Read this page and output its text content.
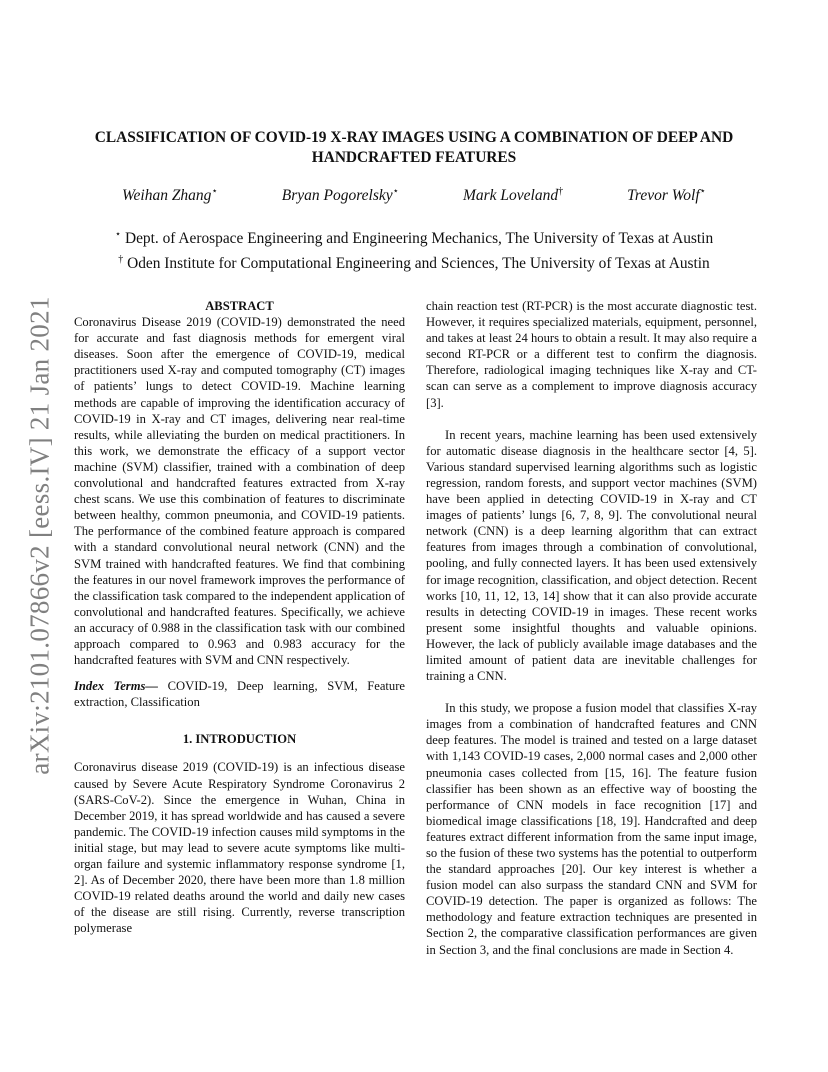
arXiv:2101.07866v2 [eess.IV] 21 Jan 2021
CLASSIFICATION OF COVID-19 X-RAY IMAGES USING A COMBINATION OF DEEP AND HANDCRAFTED FEATURES
Weihan Zhang⋆	Bryan Pogorelsky⋆	Mark Loveland†	Trevor Wolf⋆
⋆ Dept. of Aerospace Engineering and Engineering Mechanics, The University of Texas at Austin
† Oden Institute for Computational Engineering and Sciences, The University of Texas at Austin

ABSTRACT

Coronavirus Disease 2019 (COVID-19) demonstrated the need for accurate and fast diagnosis methods for emergent viral diseases. Soon after the emergence of COVID-19, medical practitioners used X-ray and computed tomography (CT) images of patients’ lungs to detect COVID-19. Machine learning methods are capable of improving the identification accuracy of COVID-19 in X-ray and CT images, delivering near real-time results, while alleviating the burden on medical practitioners. In this work, we demonstrate the efficacy of a support vector machine (SVM) classifier, trained with a combination of deep convolutional and handcrafted features extracted from X-ray chest scans. We use this combination of features to discriminate between healthy, common pneumonia, and COVID-19 patients. The performance of the combined feature approach is compared with a standard convolutional neural network (CNN) and the SVM trained with handcrafted features. We find that combining the features in our novel framework improves the performance of the classification task compared to the independent application of convolutional and handcrafted features. Specifically, we achieve an accuracy of 0.988 in the classification task with our combined approach compared to 0.963 and 0.983 accuracy for the handcrafted features with SVM and CNN respectively.

Index Terms— COVID-19, Deep learning, SVM, Feature extraction, Classification

1. INTRODUCTION

Coronavirus disease 2019 (COVID-19) is an infectious disease caused by Severe Acute Respiratory Syndrome Coronavirus 2 (SARS-CoV-2). Since the emergence in Wuhan, China in December 2019, it has spread worldwide and has caused a severe pandemic. The COVID-19 infection causes mild symptoms in the initial stage, but may lead to severe acute symptoms like multi-organ failure and systemic inflammatory response syndrome [1, 2]. As of December 2020, there have been more than 1.8 million COVID-19 related deaths around the world and daily new cases of the disease are still rising. Currently, reverse transcription polymerase

chain reaction test (RT-PCR) is the most accurate diagnostic test. However, it requires specialized materials, equipment, personnel, and takes at least 24 hours to obtain a result. It may also require a second RT-PCR or a different test to confirm the diagnosis. Therefore, radiological imaging techniques like X-ray and CT-scan can serve as a complement to improve diagnosis accuracy [3].

In recent years, machine learning has been used extensively for automatic disease diagnosis in the healthcare sector [4, 5]. Various standard supervised learning algorithms such as logistic regression, random forests, and support vector machines (SVM) have been applied in detecting COVID-19 in X-ray and CT images of patients’ lungs [6, 7, 8, 9]. The convolutional neural network (CNN) is a deep learning algorithm that can extract features from images through a combination of convolutional, pooling, and fully connected layers. It has been used extensively for image recognition, classification, and object detection. Recent works [10, 11, 12, 13, 14] show that it can also provide accurate results in detecting COVID-19 in images. These recent works present some insightful thoughts and valuable opinions. However, the lack of publicly available image databases and the limited amount of patient data are inevitable challenges for training a CNN.

In this study, we propose a fusion model that classifies X-ray images from a combination of handcrafted features and CNN deep features. The model is trained and tested on a large dataset with 1,143 COVID-19 cases, 2,000 normal cases and 2,000 other pneumonia cases collected from [15, 16]. The feature fusion classifier has been shown as an effective way of boosting the performance of CNN models in face recognition [17] and biomedical image classifications [18, 19]. Handcrafted and deep features extract different information from the same input image, so the fusion of these two systems has the potential to outperform the standard approaches [20]. Our key interest is whether a fusion model can also surpass the standard CNN and SVM for COVID-19 detection. The paper is organized as follows: The methodology and feature extraction techniques are presented in Section 2, the comparative classification performances are given in Section 3, and the final conclusions are made in Section 4.
